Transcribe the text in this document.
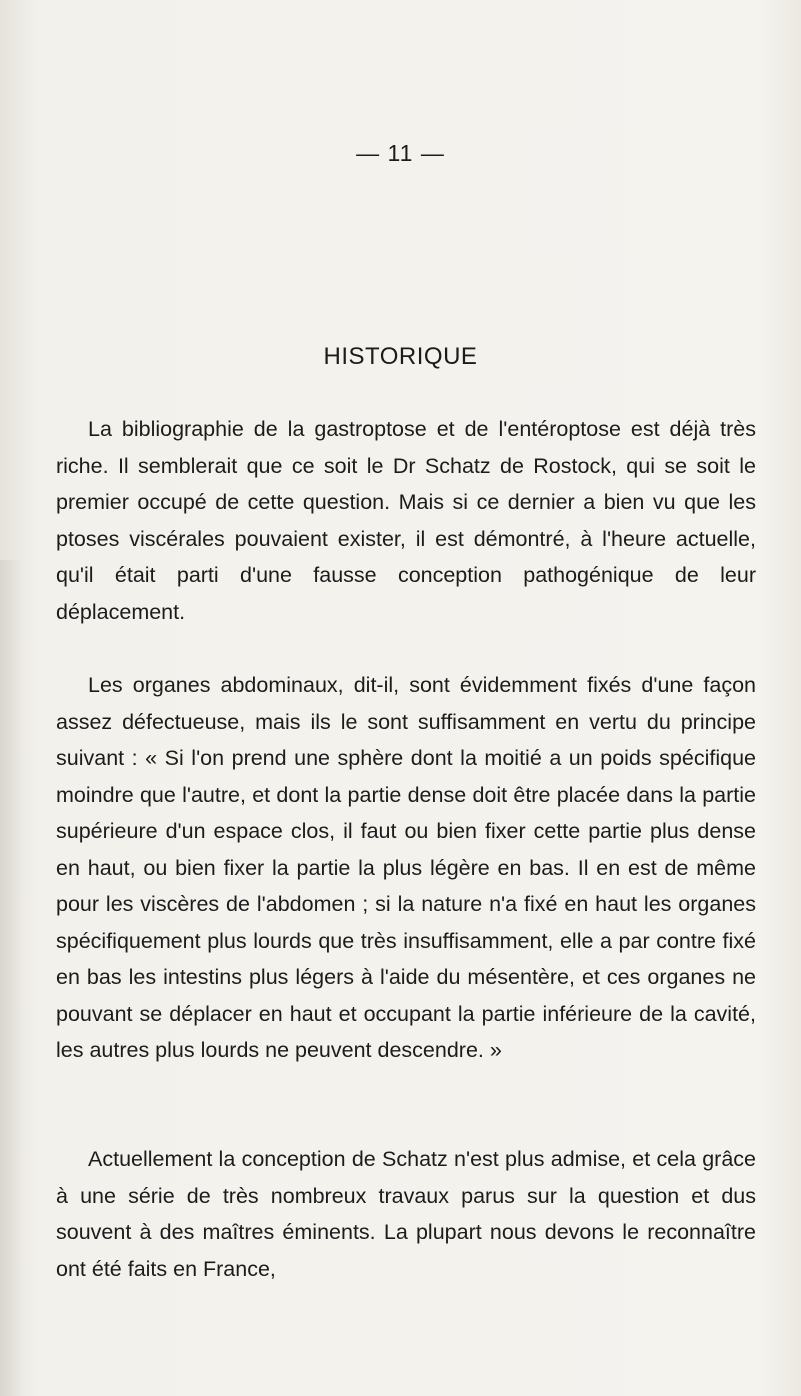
— 11 —
HISTORIQUE

La bibliographie de la gastroptose et de l'entéroptose est déjà très riche. Il semblerait que ce soit le Dr Schatz de Rostock, qui se soit le premier occupé de cette question. Mais si ce dernier a bien vu que les ptoses viscérales pouvaient exister, il est démontré, à l'heure actuelle, qu'il était parti d'une fausse conception pathogénique de leur déplacement.

Les organes abdominaux, dit-il, sont évidemment fixés d'une façon assez défectueuse, mais ils le sont suffisamment en vertu du principe suivant : « Si l'on prend une sphère dont la moitié a un poids spécifique moindre que l'autre, et dont la partie dense doit être placée dans la partie supérieure d'un espace clos, il faut ou bien fixer cette partie plus dense en haut, ou bien fixer la partie la plus légère en bas. Il en est de même pour les viscères de l'abdomen ; si la nature n'a fixé en haut les organes spécifiquement plus lourds que très insuffisamment, elle a par contre fixé en bas les intestins plus légers à l'aide du mésentère, et ces organes ne pouvant se déplacer en haut et occupant la partie inférieure de la cavité, les autres plus lourds ne peuvent descendre. »

Actuellement la conception de Schatz n'est plus admise, et cela grâce à une série de très nombreux travaux parus sur la question et dus souvent à des maîtres éminents. La plupart nous devons le reconnaître ont été faits en France,
